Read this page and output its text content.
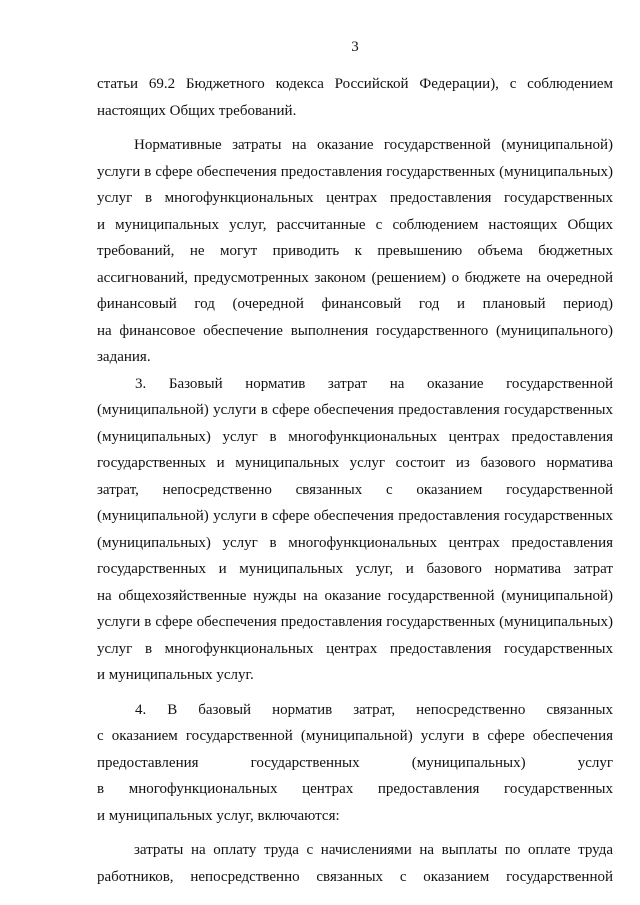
3
статьи 69.2 Бюджетного кодекса Российской Федерации), с соблюдением
настоящих Общих требований.
Нормативные затраты на оказание государственной (муниципальной)
услуги в сфере обеспечения предоставления государственных (муниципальных)
услуг в многофункциональных центрах предоставления государственных
и муниципальных услуг, рассчитанные с соблюдением настоящих Общих
требований, не могут приводить к превышению объема бюджетных
ассигнований, предусмотренных законом (решением) о бюджете на очередной
финансовый год (очередной финансовый год и плановый период)
на финансовое обеспечение выполнения государственного (муниципального)
задания.
3. Базовый норматив затрат на оказание государственной
(муниципальной) услуги в сфере обеспечения предоставления государственных
(муниципальных) услуг в многофункциональных центрах предоставления
государственных и муниципальных услуг состоит из базового норматива
затрат, непосредственно связанных с оказанием государственной
(муниципальной) услуги в сфере обеспечения предоставления государственных
(муниципальных) услуг в многофункциональных центрах предоставления
государственных и муниципальных услуг, и базового норматива затрат
на общехозяйственные нужды на оказание государственной (муниципальной)
услуги в сфере обеспечения предоставления государственных (муниципальных)
услуг в многофункциональных центрах предоставления государственных
и муниципальных услуг.
4. В базовый норматив затрат, непосредственно связанных
с оказанием государственной (муниципальной) услуги в сфере обеспечения
предоставления государственных (муниципальных) услуг
в многофункциональных центрах предоставления государственных
и муниципальных услуг, включаются:
затраты на оплату труда с начислениями на выплаты по оплате труда
работников, непосредственно связанных с оказанием государственной
